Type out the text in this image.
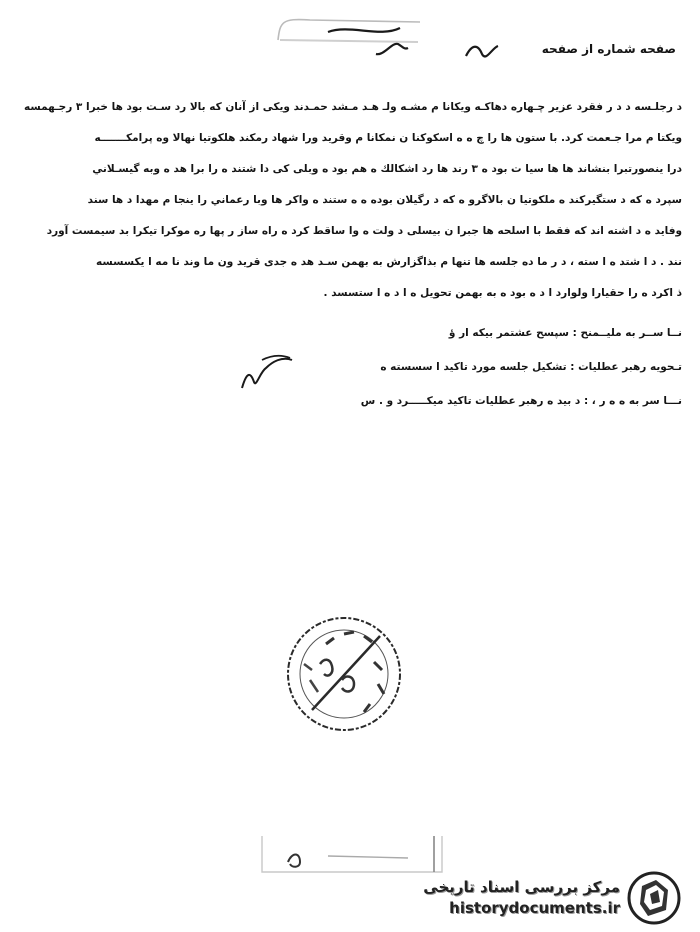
صفحه شماره از صفحه
د رجلـسه د د ر فقرد عزير چـهاره دهاكـه ويكانا م مشـه ولـ هـد مـشد حمـدند ويكى از آنان كه بالا رد سـت بود ها خبرا ۳ رجـهمسه
ويكتا م مرا جـعمت كرد. با ستون ها را چ ه ه اسكوكنا ن نمكانا م وقريد ورا شهاد رمكند هلكوتيا نهالا وه پرامكـــــــه
درا ينصورتبرا بنشاند ها ها سيا ت بود ه ۳ رند ها رد اشكالك ه هم بود ه وبلى كى دا شتند ه را برا هد ه وبه گيسـلاني
سپرد ه كه د ستگيركند ه ملکوتيا ن بالاگرو ه كه د رگيلان بوده ه ه ستند ه واكر ها وبا رعماني را ينجا م مهدا د ها سند
وفايد ه د اشته اند كه فقط با اسلحه ها جبرا ن بيسلی د ولت ه وا ساقط كرد ه راه ساز ر پها ره موكرا تيكرا بد سيمست آورد
نند . د ا شتد ه ا سته ، د ر ما ده جلسه ها تنها م بذاگزارش به بهمن سـد هد ه جدى قريد ون ما وند نا مه ا يكسسسه
ذ اكرد ه را حقيارا ولوارد ا د ه بود ه به بهمن تحويل ه ا د ه ا ستسسد .
نــا ســر به مليــمنح : سپسح عشتمر بيكه ار ؤ
تـحويه رهبر عطلیات : تشكيل جلسه مورد تاكيد ا سسسته ه
نـــا سر به ه ه ر ، : د بيد ه رهبر عطلیات تاكيد ميكـــــرد و . س
مرکز بررسی اسناد تاریخی
historydocuments.ir
